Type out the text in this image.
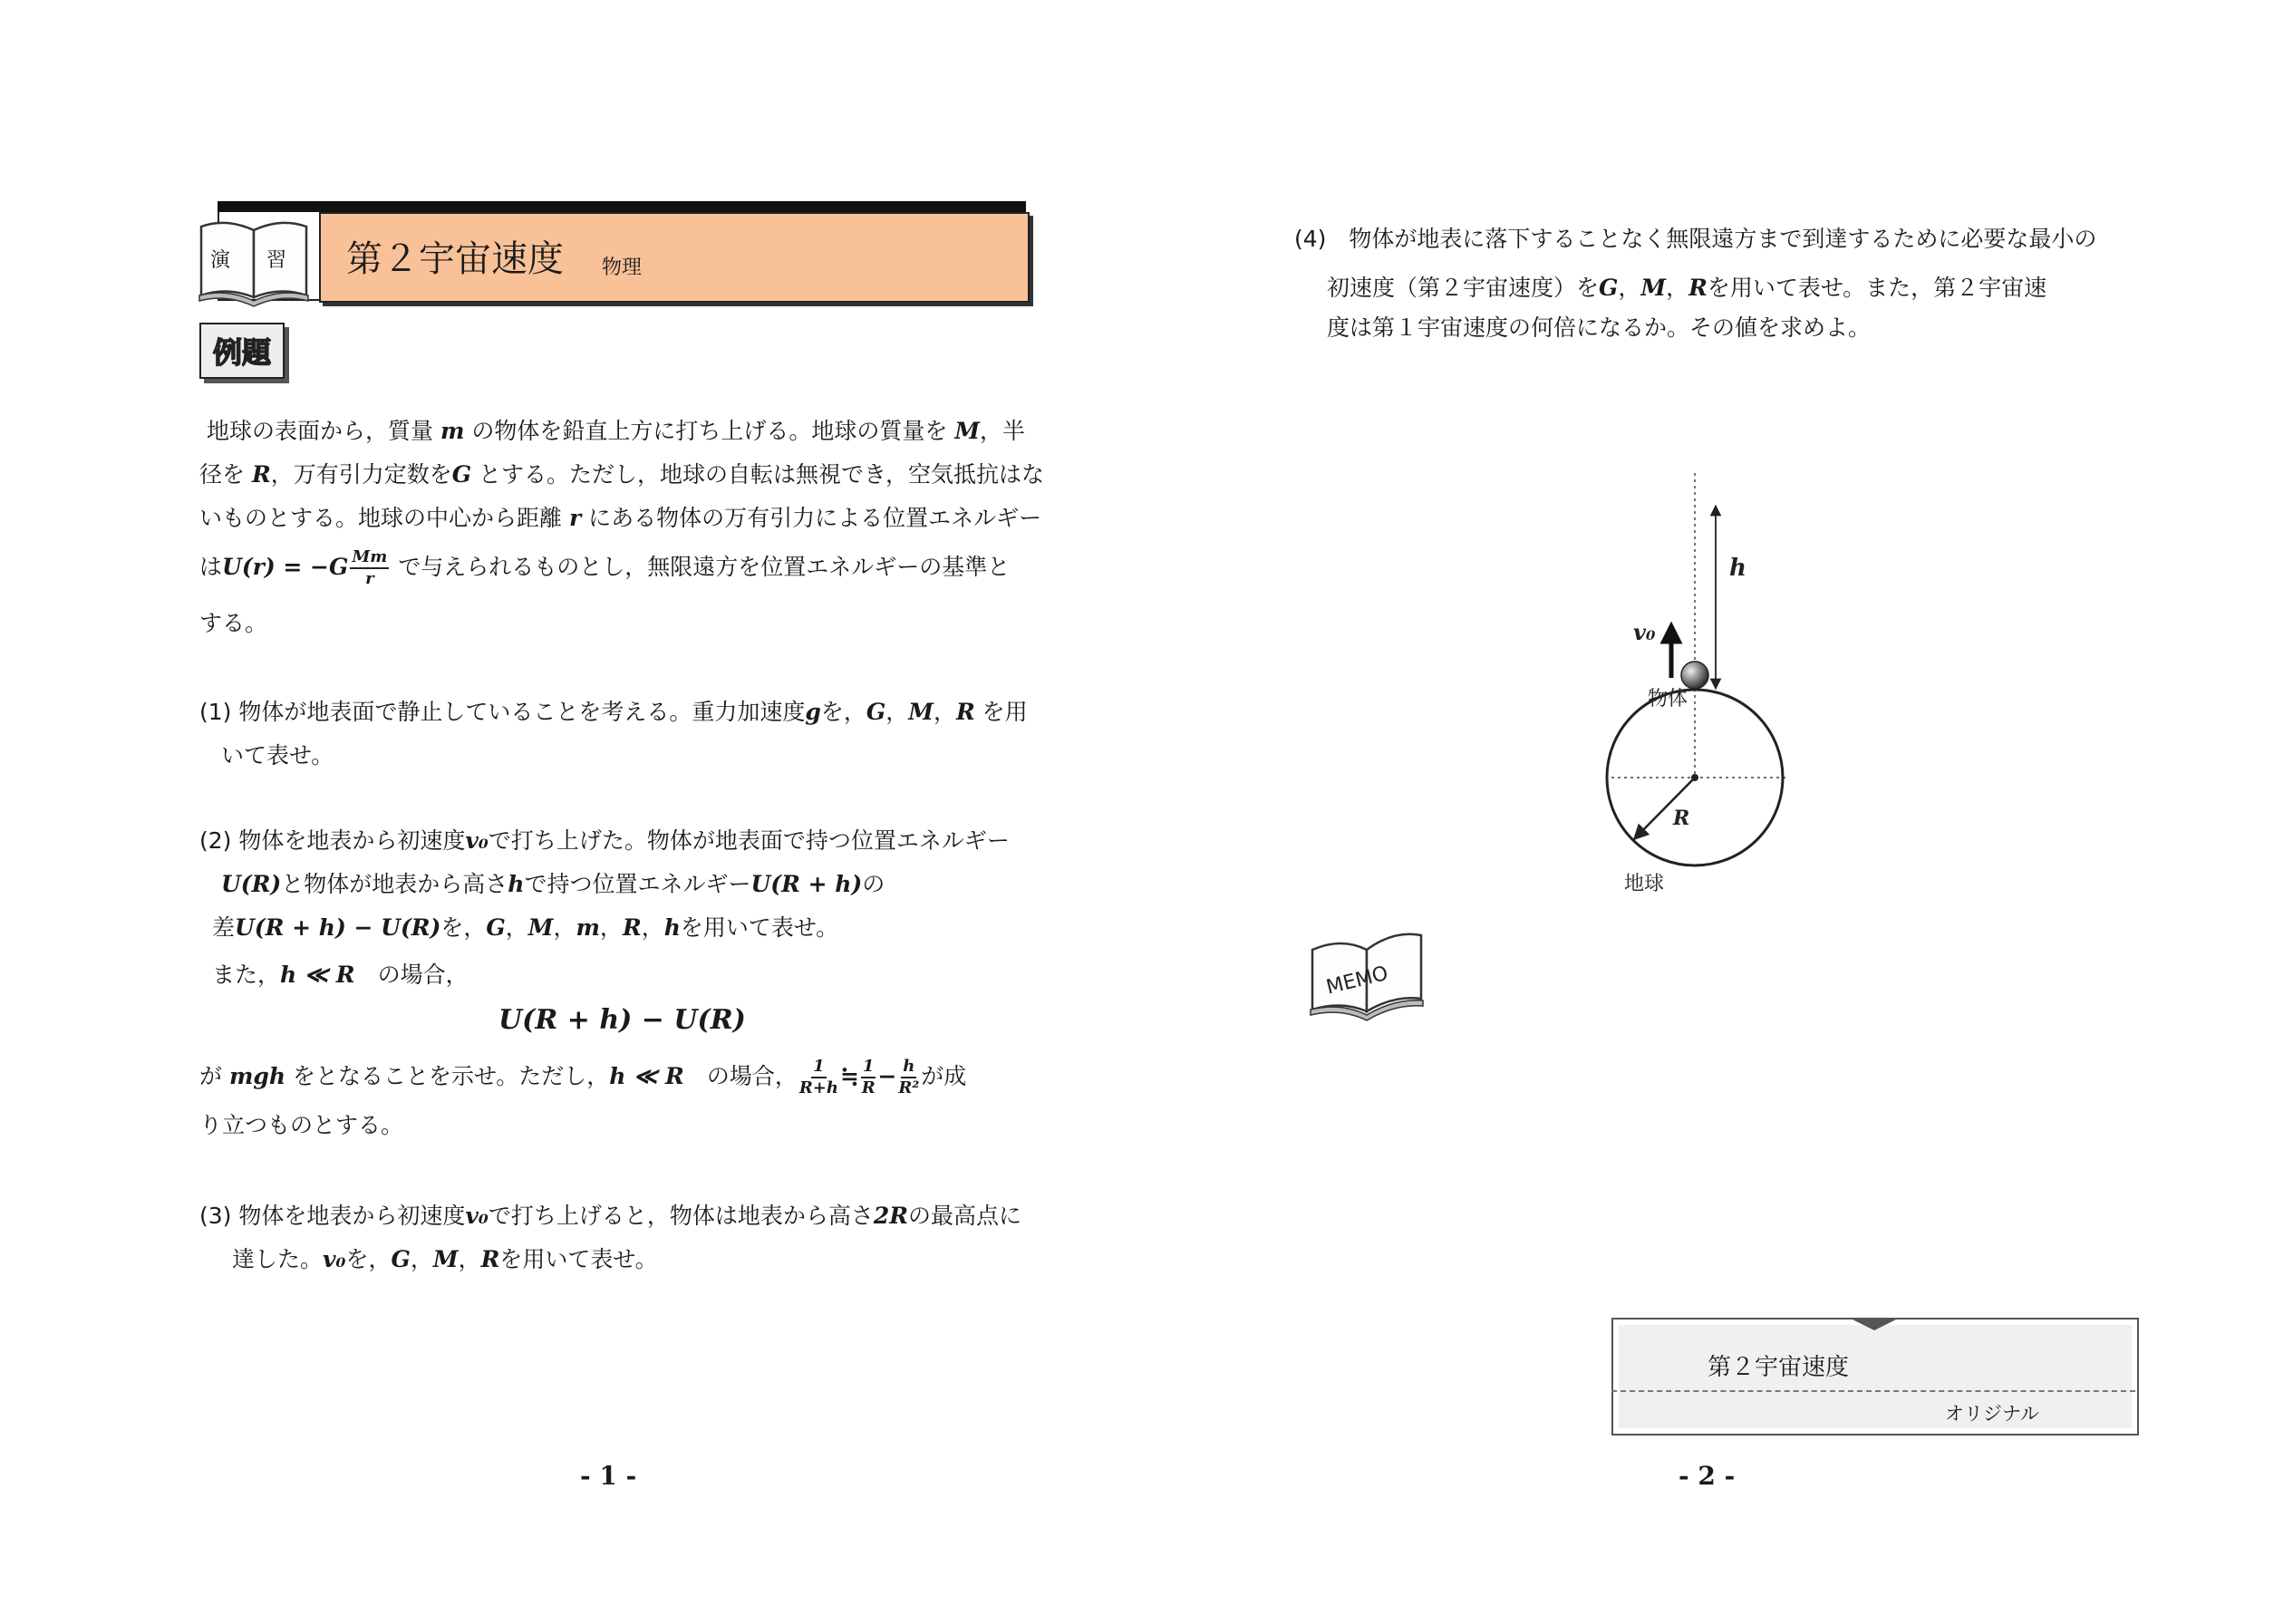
演 習 第２宇宙速度 物理
例題
地球の表面から，質量 m の物体を鉛直上方に打ち上げる。地球の質量を M，半
径を R，万有引力定数をG とする。ただし，地球の自転は無視でき，空気抵抗はな
いものとする。地球の中心から距離 r にある物体の万有引力による位置エネルギー
は$U(r) = -G \frac{Mm}{r}$ で与えられるものとし，無限遠方を位置エネルギーの基準と
する。
(1) 物体が地表面で静止していることを考える。重力加速度gを，G，M，R を用
いて表せ。
(2) 物体を地表から初速度v₀で打ち上げた。物体が地表面で持つ位置エネルギー
U(R)と物体が地表から高さhで持つ位置エネルギーU(R + h)の
差U(R + h) − U(R)を，G，M，m，R，hを用いて表せ。
また，h ≪ R　の場合，
U(R + h) − U(R)
が mgh をとなることを示せ。ただし，h ≪ R　の場合， $\frac{1}{R+h}$ ≒ $\frac{1}{R} - \frac{h}{\text{R²}}$ が成
り立つものとする。
(3) 物体を地表から初速度v₀で打ち上げると，物体は地表から高さ2Rの最高点に
達した。v₀を，G，M，Rを用いて表せ。
- 1 -
(4)　物体が地表に落下することなく無限遠方まで到達するために必要な最小の
初速度（第２宇宙速度）をG，M，Rを用いて表せ。また，第２宇宙速
度は第１宇宙速度の何倍になるか。その値を求めよ。
h
v₀
物体
R
地球
MEMO
第２宇宙速度
オリジナル
- 2 -
